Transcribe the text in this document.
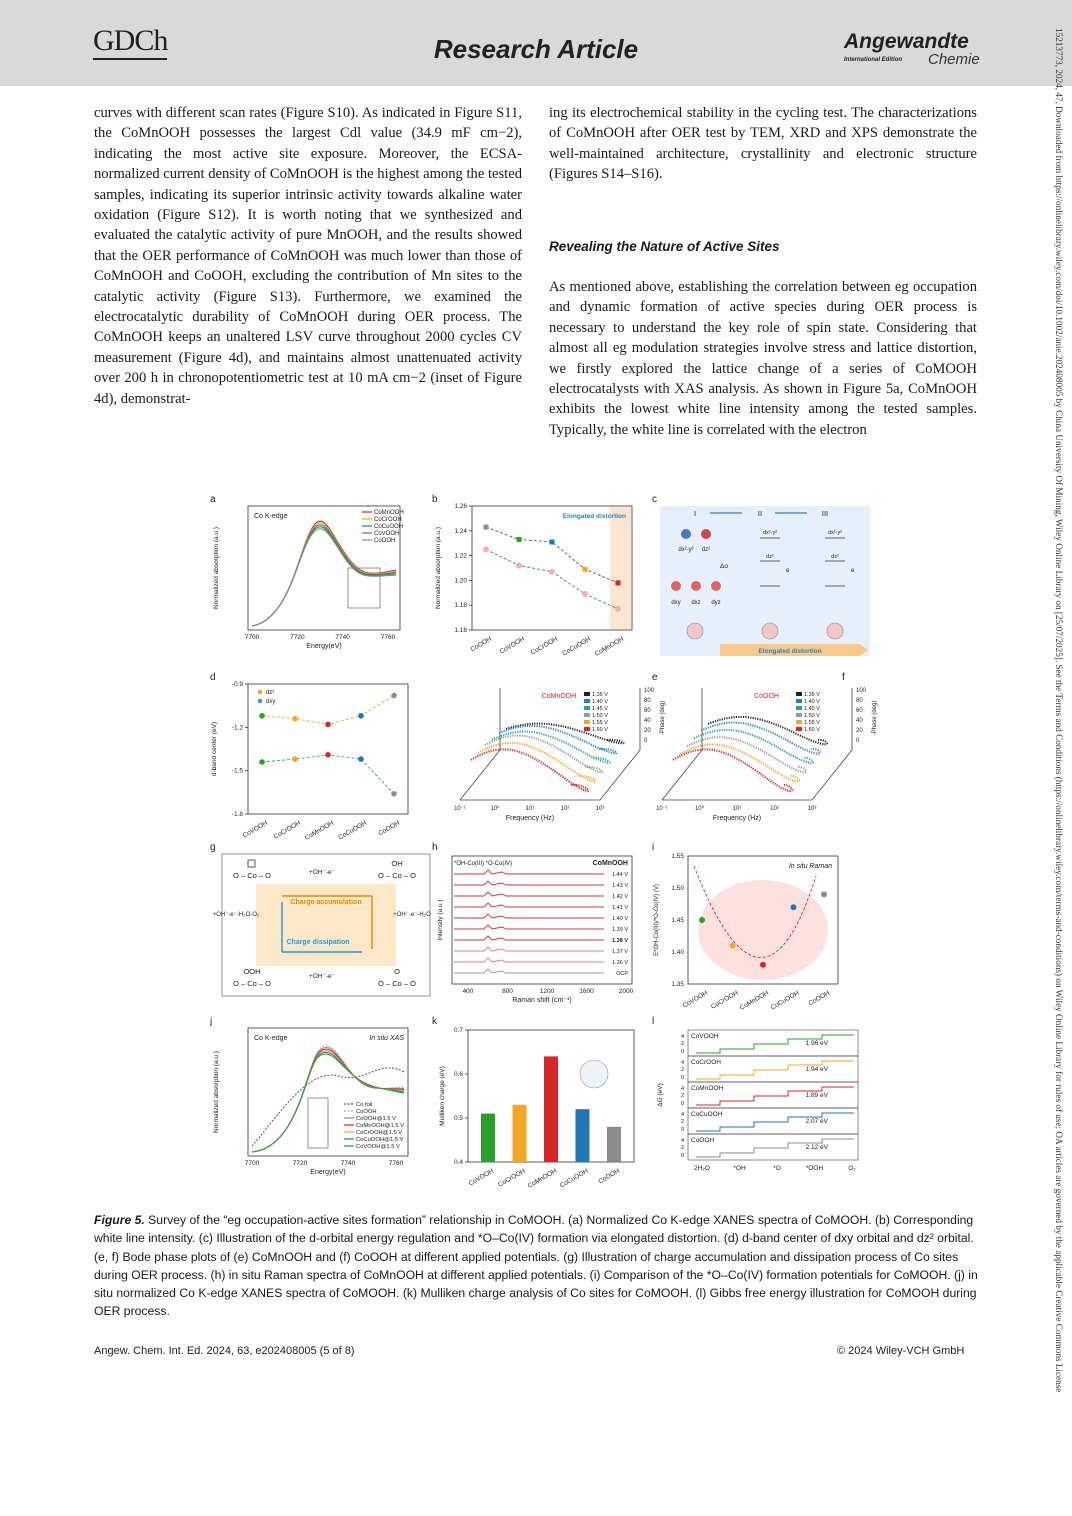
GDCh	Research Article	Angewandte
International Edition Chemie	15213773, 2024, 47, Downloaded from https://onlinelibrary.wiley.com/doi/10.1002/anie.202408005 by China University Of Mining, Wiley Online Library on [25/07/2025]. See the Terms and Conditions (https://onlinelibrary.wiley.com/terms-and-conditions) on Wiley Online Library for rules of use; OA articles are governed by the applicable Creative Commons License

curves with different scan rates (Figure S10). As indicated in Figure S11, the CoMnOOH possesses the largest Cdl value (34.9 mF cm−2), indicating the most active site exposure. Moreover, the ECSA-normalized current density of CoMnOOH is the highest among the tested samples, indicating its superior intrinsic activity towards alkaline water oxidation (Figure S12). It is worth noting that we synthesized and evaluated the catalytic activity of pure MnOOH, and the results showed that the OER performance of CoMnOOH was much lower than those of CoMnOOH and CoOOH, excluding the contribution of Mn sites to the catalytic activity (Figure S13). Furthermore, we examined the electrocatalytic durability of CoMnOOH during OER process. The CoMnOOH keeps an unaltered LSV curve throughout 2000 cycles CV measurement (Figure 4d), and maintains almost unattenuated activity over 200 h in chronopotentiometric test at 10 mA cm−2 (inset of Figure 4d), demonstrat-

ing its electrochemical stability in the cycling test. The characterizations of CoMnOOH after OER test by TEM, XRD and XPS demonstrate the well-maintained architecture, crystallinity and electronic structure (Figures S14–S16).

Revealing the Nature of Active Sites

As mentioned above, establishing the correlation between eg occupation and dynamic formation of active species during OER process is necessary to understand the key role of spin state. Considering that almost all eg modulation strategies involve stress and lattice distortion, we firstly explored the lattice change of a series of CoMOOH electrocatalysts with XAS analysis. As shown in Figure 5a, CoMnOOH exhibits the lowest white line intensity among the tested samples. Typically, the white line is correlated with the electron

a
Co K-edge
Normalized absorption (a.u.)
7700	7720	7740	7760
Energy(eV)
CoMnOOH
CoCrOOH
CoCuOOH
CoVOOH
CoOOH
b
Elongated distortion
Normalized absorption (a.u.)
1.16
1.18
1.20
1.22
1.24
1.26
CoOOH CoVOOH CoCrOOH CoCuOOH CoMnOOH
c
I	II	III
dx²-y² dz²
dxy dxz dyz
Δo
dx²-y²
dz²
e
dx²-y²
dz²
e
Elongated distortion
d
d-band center (eV)
-0.9
-1.2
-1.5
-1.8
dz²
dxy
CoVOOH CoCrOOH CoMnOOH CoCuOOH CoOOH
e
CoMnOOH
100
80
60
40
20
0
-Phase (deg)
10⁻¹	10⁰	10¹	10²	10³
Frequency (Hz)
1.35 V
1.40 V
1.45 V
1.50 V
1.55 V
1.60 V
f
CoOOH
100
80
60
40
20
0
-Phase (deg)
10⁻¹	10⁰	10¹	10²	10³
Frequency (Hz)
1.35 V
1.40 V
1.45 V
1.50 V
1.55 V
1.60 V
g
O – Co – O
OH
O – Co – O
O
O – Co – O
OOH
O – Co – O
+OH⁻-e⁻
+OH⁻-e⁻
Charge accumulation
Charge dissipation
+OH⁻-e⁻-H₂O-O₂	+OH⁻-e⁻-H₂O
h
*OH-Co(III) *O-Co(IV)	CoMnOOH
Intensity (a.u.)
400	800	1200	1600	2000
Raman shift (cm⁻¹)
1.44 V
1.43 V
1.42 V
1.41 V
1.40 V
1.39 V
1.38 V
1.37 V
1.36 V
OCP
i
In situ Raman
E*OH-Co(III)/*O-Co(IV) (V)
1.55
1.50
1.45
1.40
1.35
CoVOOH CoCrOOH CoMnOOH CoCuOOH CoOOH
j
Co K-edge	In situ XAS
Normalized absorption (a.u.)
7700	7720	7740	7760
Energy(eV)
Co foil
CoOOH
CoOOH@1.5 V
CoMnOOH@1.5 V
CoCrOOH@1.5 V
CoCuOOH@1.5 V
CoVOOH@1.5 V
k
Mulliken charge (eV)
0.7
0.6
0.5
0.4
CoVOOH CoCrOOH CoMnOOH CoCuOOH CoOOH
l
ΔG (eV)
CoVOOH
1.96 eV
4
2
0
CoCrOOH
1.94 eV
4
2
0
CoMnOOH
1.89 eV
4
2
0
CoCuOOH
2.07 eV
4
2
0
CoOOH
2.12 eV
4
2
0
2H₂O	*OH	*O	*OOH	O₂
Figure 5. Survey of the “eg occupation-active sites formation” relationship in CoMOOH. (a) Normalized Co K-edge XANES spectra of CoMOOH. (b) Corresponding white line intensity. (c) Illustration of the d-orbital energy regulation and *O–Co(IV) formation via elongated distortion. (d) d-band center of dxy orbital and dz² orbital. (e, f) Bode phase plots of (e) CoMnOOH and (f) CoOOH at different applied potentials. (g) Illustration of charge accumulation and dissipation process of Co sites during OER process. (h) in situ Raman spectra of CoMnOOH at different applied potentials. (i) Comparison of the *O–Co(IV) formation potentials for CoMOOH. (j) in situ normalized Co K-edge XANES spectra of CoMOOH. (k) Mulliken charge analysis of Co sites for CoMOOH. (l) Gibbs free energy illustration for CoMOOH during OER process.
Angew. Chem. Int. Ed. 2024, 63, e202408005 (5 of 8)	© 2024 Wiley-VCH GmbH
